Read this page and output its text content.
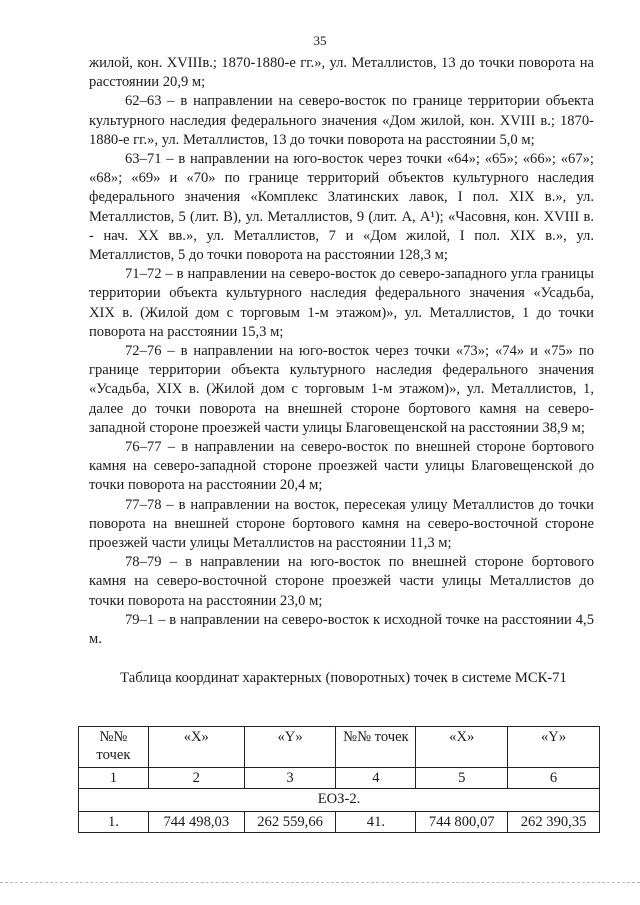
35

жилой, кон. XVIIIв.; 1870-1880-е гг.», ул. Металлистов, 13 до точки поворота на расстоянии 20,9 м;

62–63 – в направлении на северо-восток по границе территории объекта культурного наследия федерального значения «Дом жилой, кон. XVIII в.; 1870-1880-е гг.», ул. Металлистов, 13 до точки поворота на расстоянии 5,0 м;

63–71 – в направлении на юго-восток через точки «64»; «65»; «66»; «67»; «68»; «69» и «70» по границе территорий объектов культурного наследия федерального значения «Комплекс Златинских лавок, I пол. XIX в.», ул. Металлистов, 5 (лит. В), ул. Металлистов, 9 (лит. А, А¹); «Часовня, кон. XVIII в. - нач. XX вв.», ул. Металлистов, 7 и «Дом жилой, I пол. XIX в.», ул. Металлистов, 5 до точки поворота на расстоянии 128,3 м;

71–72 – в направлении на северо-восток до северо-западного угла границы территории объекта культурного наследия федерального значения «Усадьба, XIX в. (Жилой дом с торговым 1-м этажом)», ул. Металлистов, 1 до точки поворота на расстоянии 15,3 м;

72–76 – в направлении на юго-восток через точки «73»; «74» и «75» по границе территории объекта культурного наследия федерального значения «Усадьба, XIX в. (Жилой дом с торговым 1-м этажом)», ул. Металлистов, 1, далее до точки поворота на внешней стороне бортового камня на северо-западной стороне проезжей части улицы Благовещенской на расстоянии 38,9 м;

76–77 – в направлении на северо-восток по внешней стороне бортового камня на северо-западной стороне проезжей части улицы Благовещенской до точки поворота на расстоянии 20,4 м;

77–78 – в направлении на восток, пересекая улицу Металлистов до точки поворота на внешней стороне бортового камня на северо-восточной стороне проезжей части улицы Металлистов на расстоянии 11,3 м;

78–79 – в направлении на юго-восток по внешней стороне бортового камня на северо-восточной стороне проезжей части улицы Металлистов до точки поворота на расстоянии 23,0 м;

79–1 – в направлении на северо-восток к исходной точке на расстоянии 4,5 м.

Таблица координат характерных (поворотных) точек в системе МСК-71

№№ точек	«X»	«Y»	№№ точек	«X»	«Y»
1	2	3	4	5	6
ЕОЗ-2.					
1.	744 498,03	262 559,66	41.	744 800,07	262 390,35
